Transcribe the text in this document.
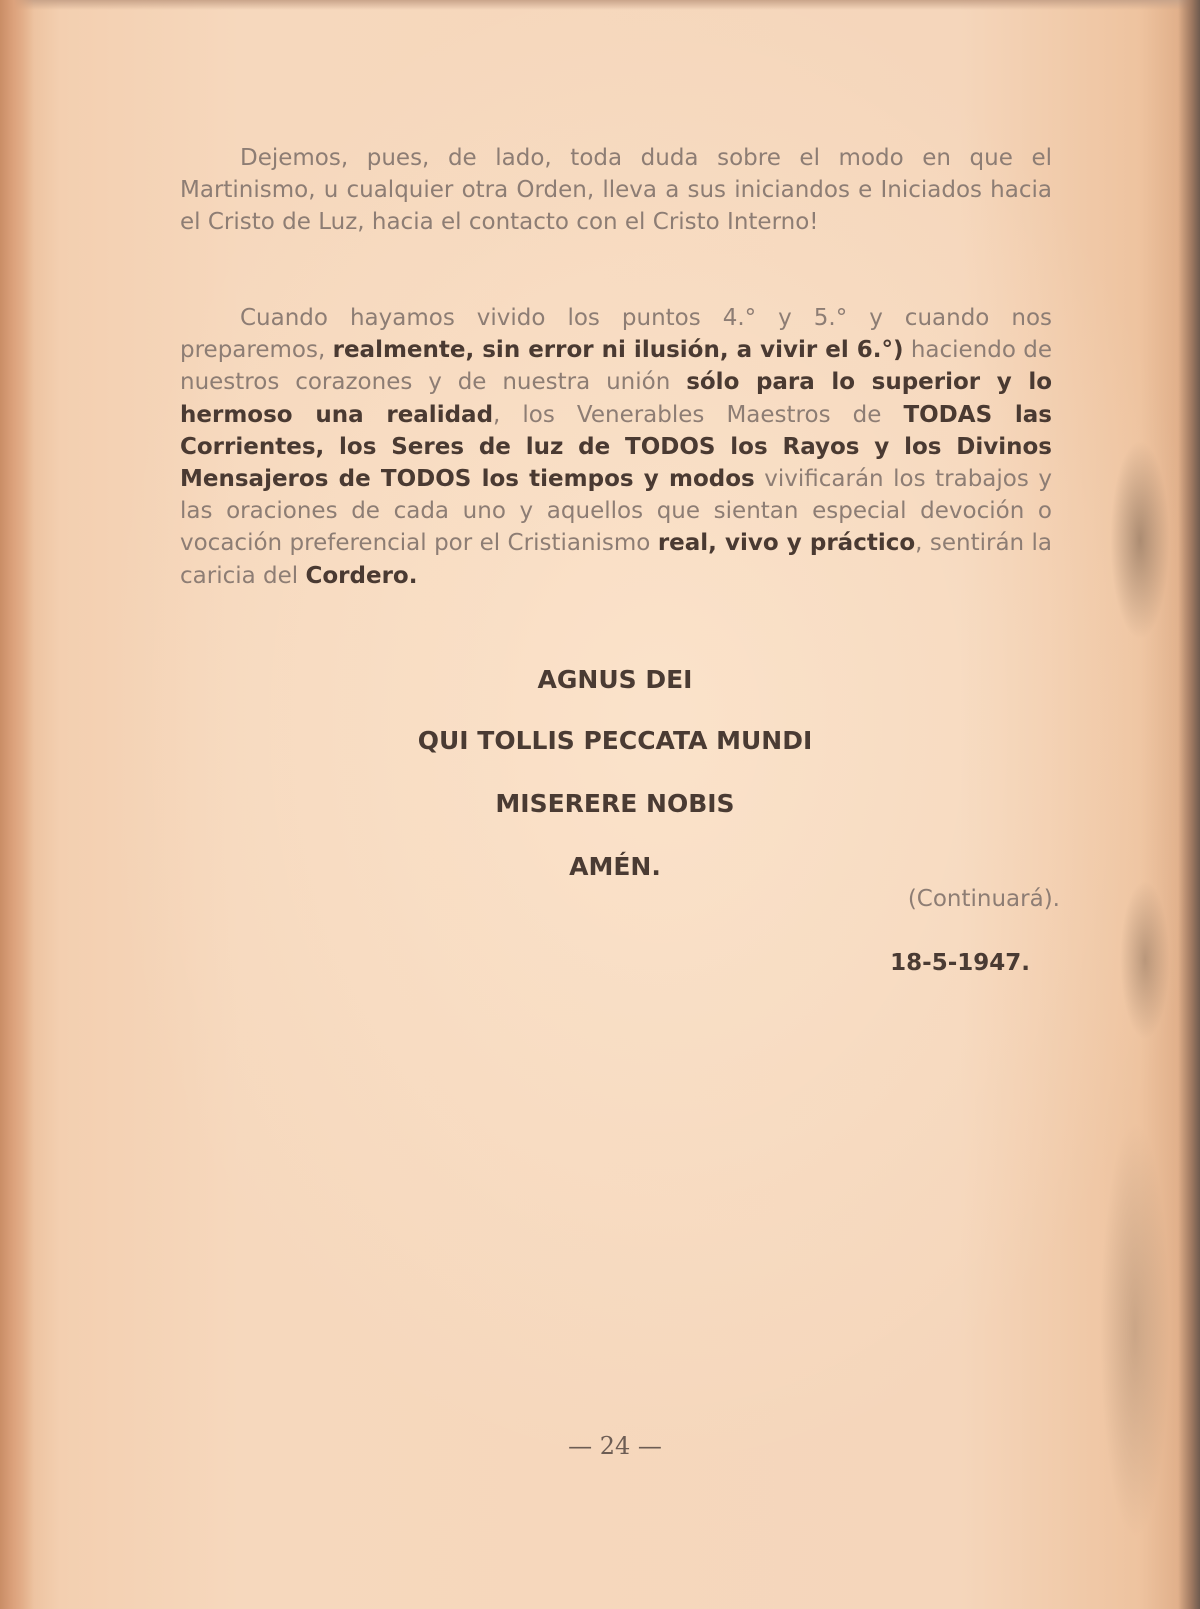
Dejemos, pues, de lado, toda duda sobre el modo en que el Martinismo, u cualquier otra Orden, lleva a sus iniciandos e Iniciados hacia el Cristo de Luz, hacia el contacto con el Cristo Interno!

Cuando hayamos vivido los puntos 4.° y 5.° y cuando nos preparemos, realmente, sin error ni ilusión, a vivir el 6.°) haciendo de nuestros corazones y de nuestra unión sólo para lo superior y lo hermoso una realidad, los Venerables Maestros de TODAS las Corrientes, los Seres de luz de TODOS los Rayos y los Divinos Mensajeros de TODOS los tiempos y modos vivificarán los trabajos y las oraciones de cada uno y aquellos que sientan especial devoción o vocación preferencial por el Cristianismo real, vivo y práctico, sentirán la caricia del Cordero.

AGNUS DEI

QUI TOLLIS PECCATA MUNDI

MISERERE NOBIS

AMÉN.

(Continuará).

18-5-1947.

— 24 —
